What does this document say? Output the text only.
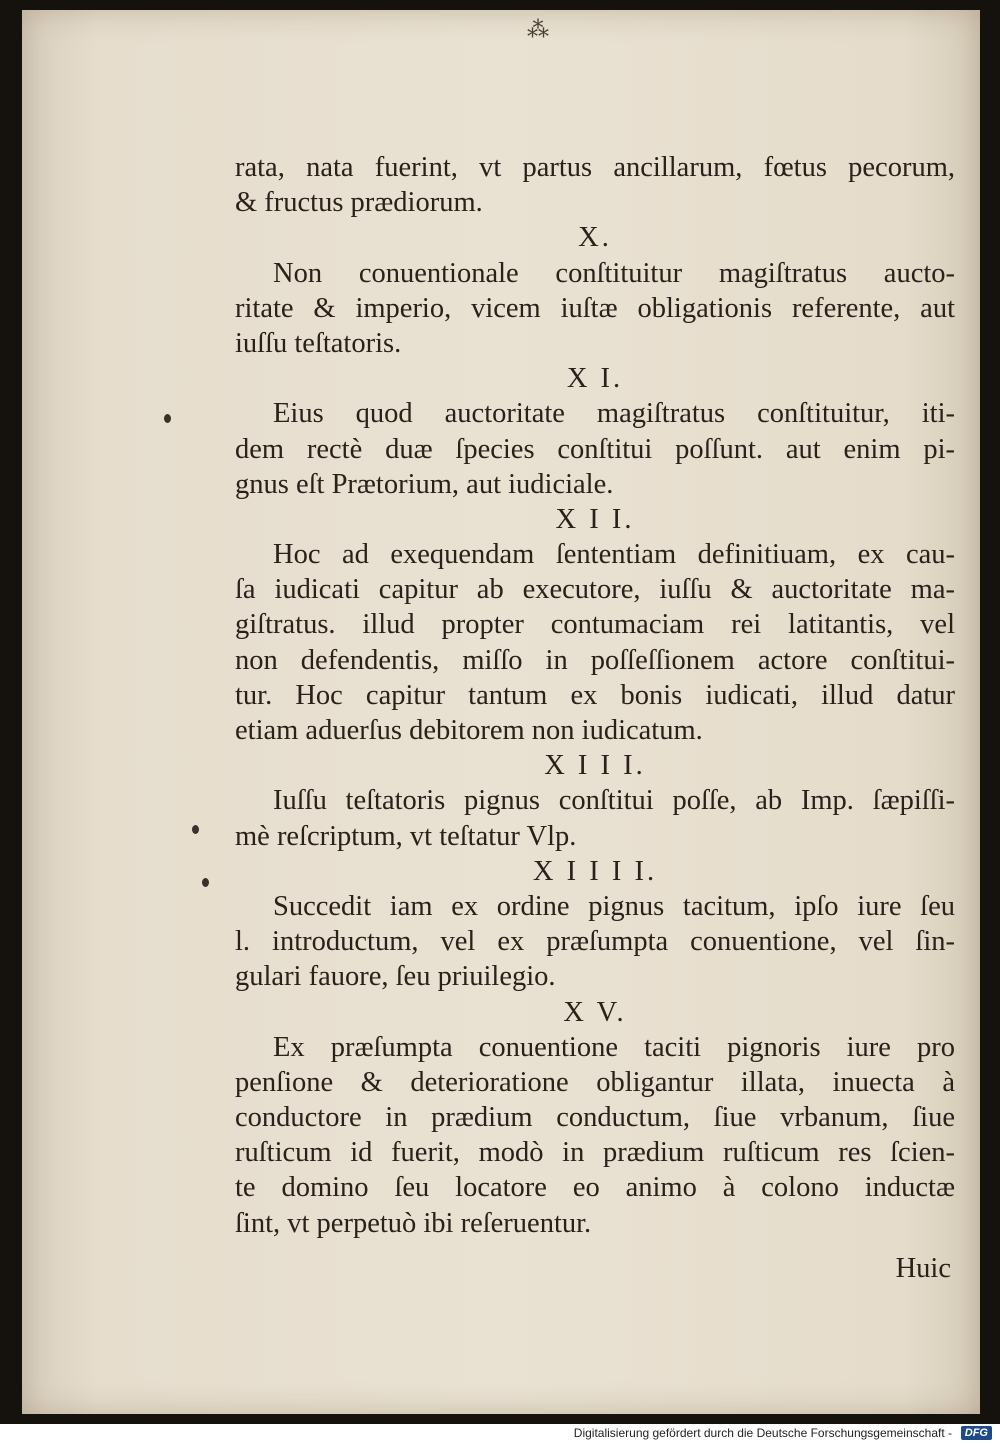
⁂
rata, nata fuerint, vt partus ancillarum, fœtus pecorum,
& fructus prædiorum.
X.
Non conuentionale conſtituitur magiſtratus aucto-
ritate & imperio, vicem iuſtæ obligationis referente, aut
iuſſu teſtatoris.
X I.
Eius quod auctoritate magiſtratus conſtituitur, iti-
dem rectè duæ ſpecies conſtitui poſſunt. aut enim pi-
gnus eſt Prætorium, aut iudiciale.
X I I.
Hoc ad exequendam ſententiam definitiuam, ex cau-
ſa iudicati capitur ab executore, iuſſu & auctoritate ma-
giſtratus. illud propter contumaciam rei latitantis, vel
non defendentis, miſſo in poſſeſſionem actore conſtitui-
tur. Hoc capitur tantum ex bonis iudicati, illud datur
etiam aduerſus debitorem non iudicatum.
X I I I.
Iuſſu teſtatoris pignus conſtitui poſſe, ab Imp. ſæpiſſi-
mè reſcriptum, vt teſtatur Vlp.
X I I I I.
Succedit iam ex ordine pignus tacitum, ipſo iure ſeu
l. introductum, vel ex præſumpta conuentione, vel ſin-
gulari fauore, ſeu priuilegio.
X V.
Ex præſumpta conuentione taciti pignoris iure pro
penſione & deterioratione obligantur illata, inuecta à
conductore in prædium conductum, ſiue vrbanum, ſiue
ruſticum id fuerit, modò in prædium ruſticum res ſcien-
te domino ſeu locatore eo animo à colono inductæ
ſint, vt perpetuò ibi reſeruentur.
Huic
Digitalisierung gefördert durch die Deutsche Forschungsgemeinschaft -	DFG
